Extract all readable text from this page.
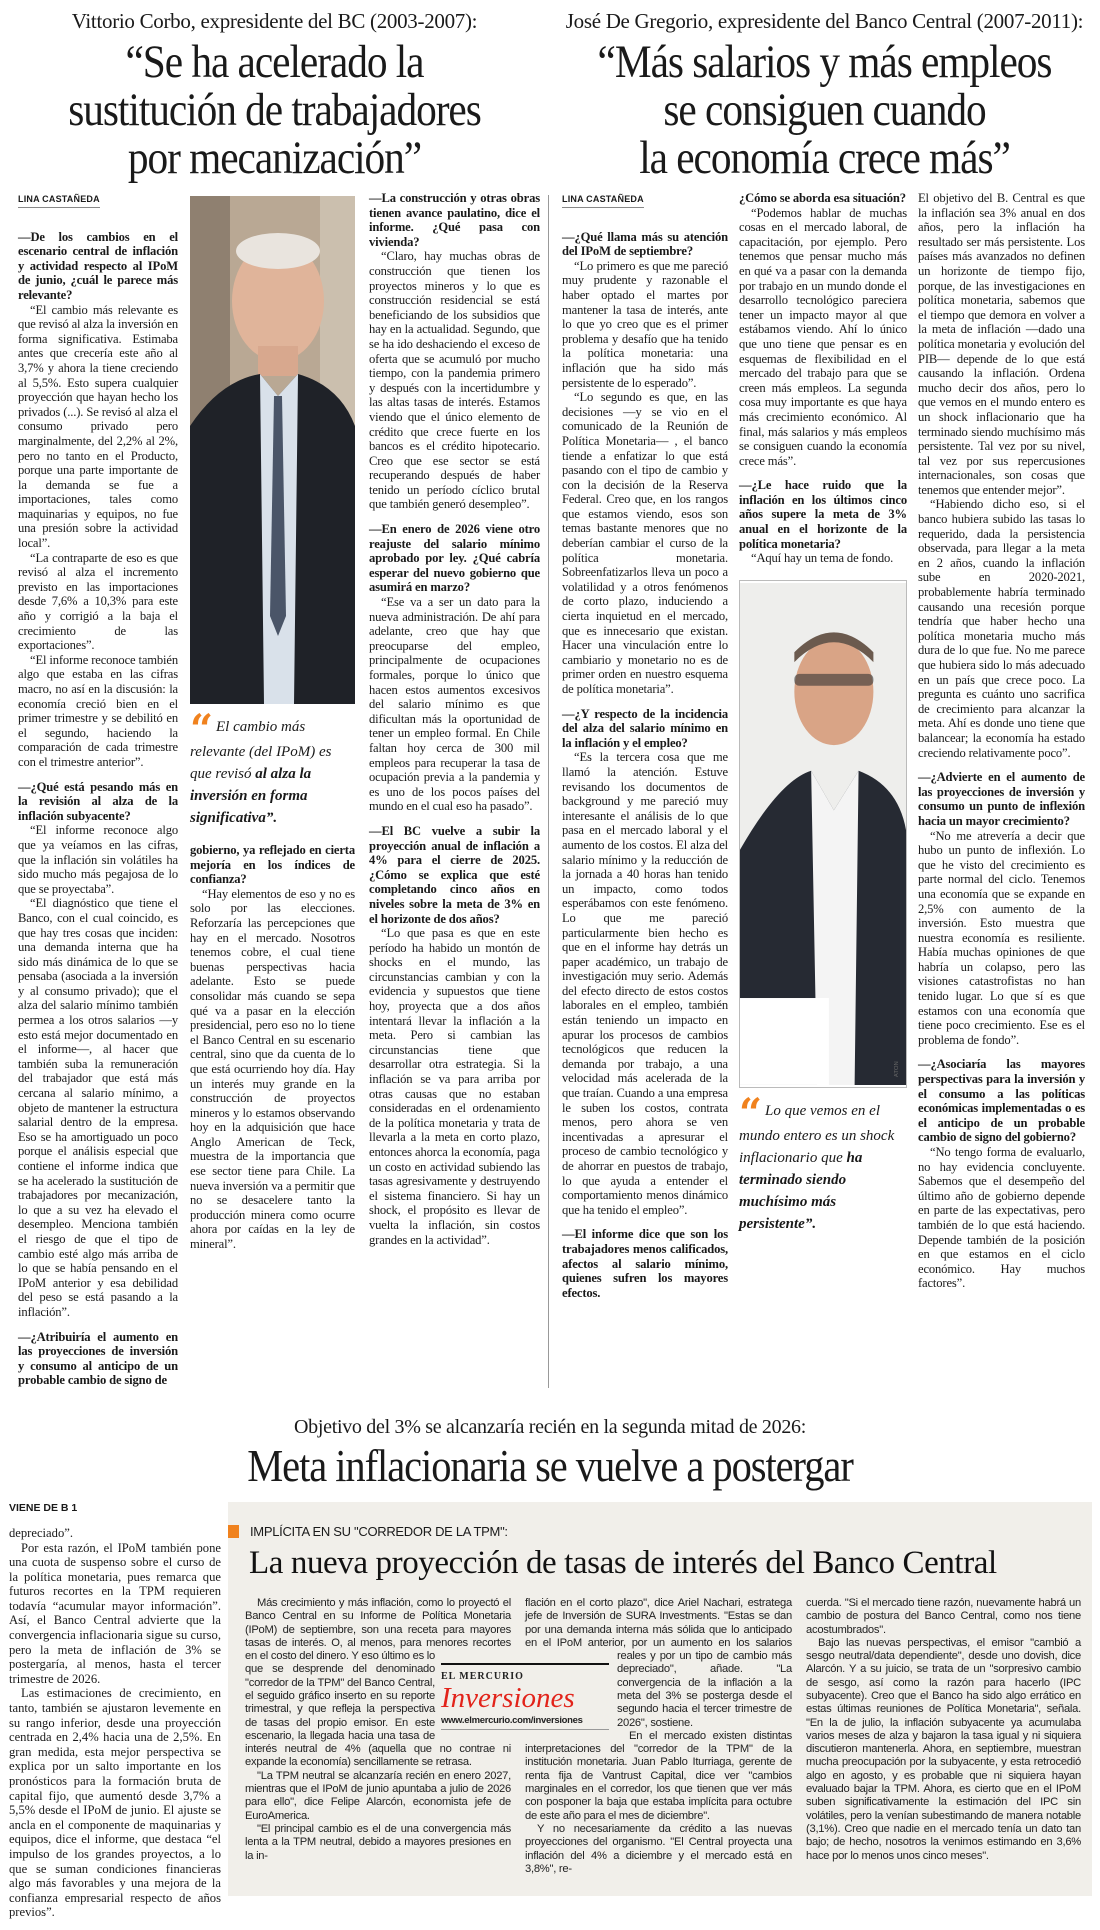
Vittorio Corbo, expresidente del BC (2003-2007):
“Se ha acelerado la
sustitución de trabajadores
por mecanización”
LINA CASTAÑEDA

—De los cambios en el escenario central de inflación y actividad respecto al IPoM de junio, ¿cuál le parece más relevante?

“El cambio más relevante es que revisó al alza la inversión en forma significativa. Estimaba antes que crecería este año al 3,7% y ahora la tiene creciendo al 5,5%. Esto supera cualquier proyección que hayan hecho los privados (...). Se revisó al alza el consumo privado pero marginalmente, del 2,2% al 2%, pero no tanto en el Producto, porque una parte importante de la demanda se fue a importaciones, tales como maquinarias y equipos, no fue una presión sobre la actividad local”.

“La contraparte de eso es que revisó al alza el incremento previsto en las importaciones desde 7,6% a 10,3% para este año y corrigió a la baja el crecimiento de las exportaciones”.

“El informe reconoce también algo que estaba en las cifras macro, no así en la discusión: la economía creció bien en el primer trimestre y se debilitó en el segundo, haciendo la comparación de cada trimestre con el trimestre anterior”.

—¿Qué está pesando más en la revisión al alza de la inflación subyacente?

“El informe reconoce algo que ya veíamos en las cifras, que la inflación sin volátiles ha sido mucho más pegajosa de lo que se proyectaba”.

“El diagnóstico que tiene el Banco, con el cual coincido, es que hay tres cosas que inciden: una demanda interna que ha sido más dinámica de lo que se pensaba (asociada a la inversión y al consumo privado); que el alza del salario mínimo también permea a los otros salarios —y esto está mejor documentado en el informe—, al hacer que también suba la remuneración del trabajador que está más cercana al salario mínimo, a objeto de mantener la estructura salarial dentro de la empresa. Eso se ha amortiguado un poco porque el análisis especial que contiene el informe indica que se ha acelerado la sustitución de trabajadores por mecanización, lo que a su vez ha elevado el desempleo. Menciona también el riesgo de que el tipo de cambio esté algo más arriba de lo que se había pensando en el IPoM anterior y esa debilidad del peso se está pasando a la inflación”.

—¿Atribuiría el aumento en las proyecciones de inversión y consumo al anticipo de un probable cambio de signo de

“ El cambio más relevante (del IPoM) es que revisó al alza la inversión en forma significativa”.

gobierno, ya reflejado en cierta mejoría en los índices de confianza?

“Hay elementos de eso y no es solo por las elecciones. Reforzaría las percepciones que hay en el mercado. Nosotros tenemos cobre, el cual tiene buenas perspectivas hacia adelante. Esto se puede consolidar más cuando se sepa qué va a pasar en la elección presidencial, pero eso no lo tiene el Banco Central en su escenario central, sino que da cuenta de lo que está ocurriendo hoy día. Hay un interés muy grande en la construcción de proyectos mineros y lo estamos observando hoy en la adquisición que hace Anglo American de Teck, muestra de la importancia que ese sector tiene para Chile. La nueva inversión va a permitir que no se desacelere tanto la producción minera como ocurre ahora por caídas en la ley de mineral”.

—La construcción y otras obras tienen avance paulatino, dice el informe. ¿Qué pasa con vivienda?

“Claro, hay muchas obras de construcción que tienen los proyectos mineros y lo que es construcción residencial se está beneficiando de los subsidios que hay en la actualidad. Segundo, que se ha ido deshaciendo el exceso de oferta que se acumuló por mucho tiempo, con la pandemia primero y después con la incertidumbre y las altas tasas de interés. Estamos viendo que el único elemento de crédito que crece fuerte en los bancos es el crédito hipotecario. Creo que ese sector se está recuperando después de haber tenido un período cíclico brutal que también generó desempleo”.

—En enero de 2026 viene otro reajuste del salario mínimo aprobado por ley. ¿Qué cabría esperar del nuevo gobierno que asumirá en marzo?

“Ese va a ser un dato para la nueva administración. De ahí para adelante, creo que hay que preocuparse del empleo, principalmente de ocupaciones formales, porque lo único que hacen estos aumentos excesivos del salario mínimo es que dificultan más la oportunidad de tener un empleo formal. En Chile faltan hoy cerca de 300 mil empleos para recuperar la tasa de ocupación previa a la pandemia y es uno de los pocos países del mundo en el cual eso ha pasado”.

—El BC vuelve a subir la proyección anual de inflación a 4% para el cierre de 2025. ¿Cómo se explica que esté completando cinco años en niveles sobre la meta de 3% en el horizonte de dos años?

“Lo que pasa es que en este período ha habido un montón de shocks en el mundo, las circunstancias cambian y con la evidencia y supuestos que tiene hoy, proyecta que a dos años intentará llevar la inflación a la meta. Pero si cambian las circunstancias tiene que desarrollar otra estrategia. Si la inflación se va para arriba por otras causas que no estaban consideradas en el ordenamiento de la política monetaria y trata de llevarla a la meta en corto plazo, entonces ahorca la economía, paga un costo en actividad subiendo las tasas agresivamente y destruyendo el sistema financiero. Si hay un shock, el propósito es llevar de vuelta la inflación, sin costos grandes en la actividad”.

José De Gregorio, expresidente del Banco Central (2007-2011):
“Más salarios y más empleos
se consiguen cuando
la economía crece más”
LINA CASTAÑEDA

—¿Qué llama más su atención del IPoM de septiembre?

“Lo primero es que me pareció muy prudente y razonable el haber optado el martes por mantener la tasa de interés, ante lo que yo creo que es el primer problema y desafío que ha tenido la política monetaria: una inflación que ha sido más persistente de lo esperado”.

“Lo segundo es que, en las decisiones —y se vio en el comunicado de la Reunión de Política Monetaria— , el banco tiende a enfatizar lo que está pasando con el tipo de cambio y con la decisión de la Reserva Federal. Creo que, en los rangos que estamos viendo, esos son temas bastante menores que no deberían cambiar el curso de la política monetaria. Sobreenfatizarlos lleva un poco a volatilidad y a otros fenómenos de corto plazo, induciendo a cierta inquietud en el mercado, que es innecesario que existan. Hacer una vinculación entre lo cambiario y monetario no es de primer orden en nuestro esquema de política monetaria”.

—¿Y respecto de la incidencia del alza del salario mínimo en la inflación y el empleo?

“Es la tercera cosa que me llamó la atención. Estuve revisando los documentos de background y me pareció muy interesante el análisis de lo que pasa en el mercado laboral y el aumento de los costos. El alza del salario mínimo y la reducción de la jornada a 40 horas han tenido un impacto, como todos esperábamos con este fenómeno. Lo que me pareció particularmente bien hecho es que en el informe hay detrás un paper académico, un trabajo de investigación muy serio. Además del efecto directo de estos costos laborales en el empleo, también están teniendo un impacto en apurar los procesos de cambios tecnológicos que reducen la demanda por trabajo, a una velocidad más acelerada de la que traían. Cuando a una empresa le suben los costos, contrata menos, pero ahora se ven incentivadas a apresurar el proceso de cambio tecnológico y de ahorrar en puestos de trabajo, lo que ayuda a entender el comportamiento menos dinámico que ha tenido el empleo”.

—El informe dice que son los trabajadores menos calificados, afectos al salario mínimo, quienes sufren los mayores efectos.

¿Cómo se aborda esa situación?

“Podemos hablar de muchas cosas en el mercado laboral, de capacitación, por ejemplo. Pero tenemos que pensar mucho más en qué va a pasar con la demanda por trabajo en un mundo donde el desarrollo tecnológico pareciera tener un impacto mayor al que estábamos viendo. Ahí lo único que uno tiene que pensar es en esquemas de flexibilidad en el mercado del trabajo para que se creen más empleos. La segunda cosa muy importante es que haya más crecimiento económico. Al final, más salarios y más empleos se consiguen cuando la economía crece más”.

—¿Le hace ruido que la inflación en los últimos cinco años supere la meta de 3% anual en el horizonte de la política monetaria?

“Aquí hay un tema de fondo.

ATON
“ Lo que vemos en el mundo entero es un shock inflacionario que ha terminado siendo muchísimo más persistente”.

El objetivo del B. Central es que la inflación sea 3% anual en dos años, pero la inflación ha resultado ser más persistente. Los países más avanzados no definen un horizonte de tiempo fijo, porque, de las investigaciones en política monetaria, sabemos que el tiempo que demora en volver a la meta de inflación —dado una política monetaria y evolución del PIB— depende de lo que está causando la inflación. Ordena mucho decir dos años, pero lo que vemos en el mundo entero es un shock inflacionario que ha terminado siendo muchísimo más persistente. Tal vez por su nivel, tal vez por sus repercusiones internacionales, son cosas que tenemos que entender mejor”.

“Habiendo dicho eso, si el banco hubiera subido las tasas lo requerido, dada la persistencia observada, para llegar a la meta en 2 años, cuando la inflación sube en 2020-2021, probablemente habría terminado causando una recesión porque tendría que haber hecho una política monetaria mucho más dura de lo que fue. No me parece que hubiera sido lo más adecuado en un país que crece poco. La pregunta es cuánto uno sacrifica de crecimiento para alcanzar la meta. Ahí es donde uno tiene que balancear; la economía ha estado creciendo relativamente poco”.

—¿Advierte en el aumento de las proyecciones de inversión y consumo un punto de inflexión hacia un mayor crecimiento?

“No me atrevería a decir que hubo un punto de inflexión. Lo que he visto del crecimiento es parte normal del ciclo. Tenemos una economía que se expande en 2,5% con aumento de la inversión. Esto muestra que nuestra economía es resiliente. Había muchas opiniones de que habría un colapso, pero las visiones catastrofistas no han tenido lugar. Lo que sí es que estamos con una economía que tiene poco crecimiento. Ese es el problema de fondo”.

—¿Asociaría las mayores perspectivas para la inversión y el consumo a las políticas económicas implementadas o es el anticipo de un probable cambio de signo del gobierno?

“No tengo forma de evaluarlo, no hay evidencia concluyente. Sabemos que el desempeño del último año de gobierno depende en parte de las expectativas, pero también de lo que está haciendo. Depende también de la posición en que estamos en el ciclo económico. Hay muchos factores”.

Objetivo del 3% se alcanzaría recién en la segunda mitad de 2026:
Meta inflacionaria se vuelve a postergar
VIENE DE B 1

depreciado”.

Por esta razón, el IPoM también pone una cuota de suspenso sobre el curso de la política monetaria, pues remarca que futuros recortes en la TPM requieren todavía “acumular mayor información”. Así, el Banco Central advierte que la convergencia inflacionaria sigue su curso, pero la meta de inflación de 3% se postergaría, al menos, hasta el tercer trimestre de 2026.

Las estimaciones de crecimiento, en tanto, también se ajustaron levemente en su rango inferior, desde una proyección centrada en 2,4% hacia una de 2,5%. En gran medida, esta mejor perspectiva se explica por un salto importante en los pronósticos para la formación bruta de capital fijo, que aumentó desde 3,7% a 5,5% desde el IPoM de junio. El ajuste se ancla en el componente de maquinarias y equipos, dice el informe, que destaca “el impulso de los grandes proyectos, a lo que se suman condiciones financieras algo más favorables y una mejora de la confianza empresarial respecto de años previos”.

IMPLÍCITA EN SU "CORREDOR DE LA TPM":
La nueva proyección de tasas de interés del Banco Central
EL MERCURIO
Inversiones
www.elmercurio.com/inversiones

Más crecimiento y más inflación, como lo proyectó el Banco Central en su Informe de Política Monetaria (IPoM) de septiembre, son una receta para mayores tasas de interés. O, al menos, para menores recortes en el costo del dinero. Y eso último es lo que se desprende del denominado "corredor de la TPM" del Banco Central, el seguido gráfico inserto en su reporte trimestral, y que refleja la perspectiva de tasas del propio emisor. En este escenario, la llegada hacia una tasa de interés neutral de 4% (aquella que no contrae ni expande la economía) sencillamente se retrasa.

"La TPM neutral se alcanzaría recién en enero 2027, mientras que el IPoM de junio apuntaba a julio de 2026 para ello", dice Felipe Alarcón, economista jefe de EuroAmerica.

"El principal cambio es el de una convergencia más lenta a la TPM neutral, debido a mayores presiones en la in-

flación en el corto plazo", dice Ariel Nachari, estratega jefe de Inversión de SURA Investments. "Estas se dan por una demanda interna más sólida que lo anticipado en el IPoM anterior, por un aumento en los salarios reales y por un tipo de cambio más depreciado", añade. "La convergencia de la inflación a la meta del 3% se posterga desde el segundo hacia el tercer trimestre de 2026", sostiene.

En el mercado existen distintas interpretaciones del "corredor de la TPM" de la institución monetaria. Juan Pablo Iturriaga, gerente de renta fija de Vantrust Capital, dice ver "cambios marginales en el corredor, los que tienen que ver más con posponer la baja que estaba implícita para octubre de este año para el mes de diciembre".

Y no necesariamente da crédito a las nuevas proyecciones del organismo. "El Central proyecta una inflación del 4% a diciembre y el mercado está en 3,8%", re-

cuerda. "Si el mercado tiene razón, nuevamente habrá un cambio de postura del Banco Central, como nos tiene acostumbrados".

Bajo las nuevas perspectivas, el emisor "cambió a sesgo neutral/data dependiente", desde uno dovish, dice Alarcón. Y a su juicio, se trata de un "sorpresivo cambio de sesgo, así como la razón para hacerlo (IPC subyacente). Creo que el Banco ha sido algo errático en estas últimas reuniones de Política Monetaria", señala. "En la de julio, la inflación subyacente ya acumulaba varios meses de alza y bajaron la tasa igual y ni siquiera discutieron mantenerla. Ahora, en septiembre, muestran mucha preocupación por la subyacente, y esta retrocedió algo en agosto, y es probable que ni siquiera hayan evaluado bajar la TPM. Ahora, es cierto que en el IPoM suben significativamente la estimación del IPC sin volátiles, pero la venían subestimando de manera notable (3,1%). Creo que nadie en el mercado tenía un dato tan bajo; de hecho, nosotros la venimos estimando en 3,6% hace por lo menos unos cinco meses".
